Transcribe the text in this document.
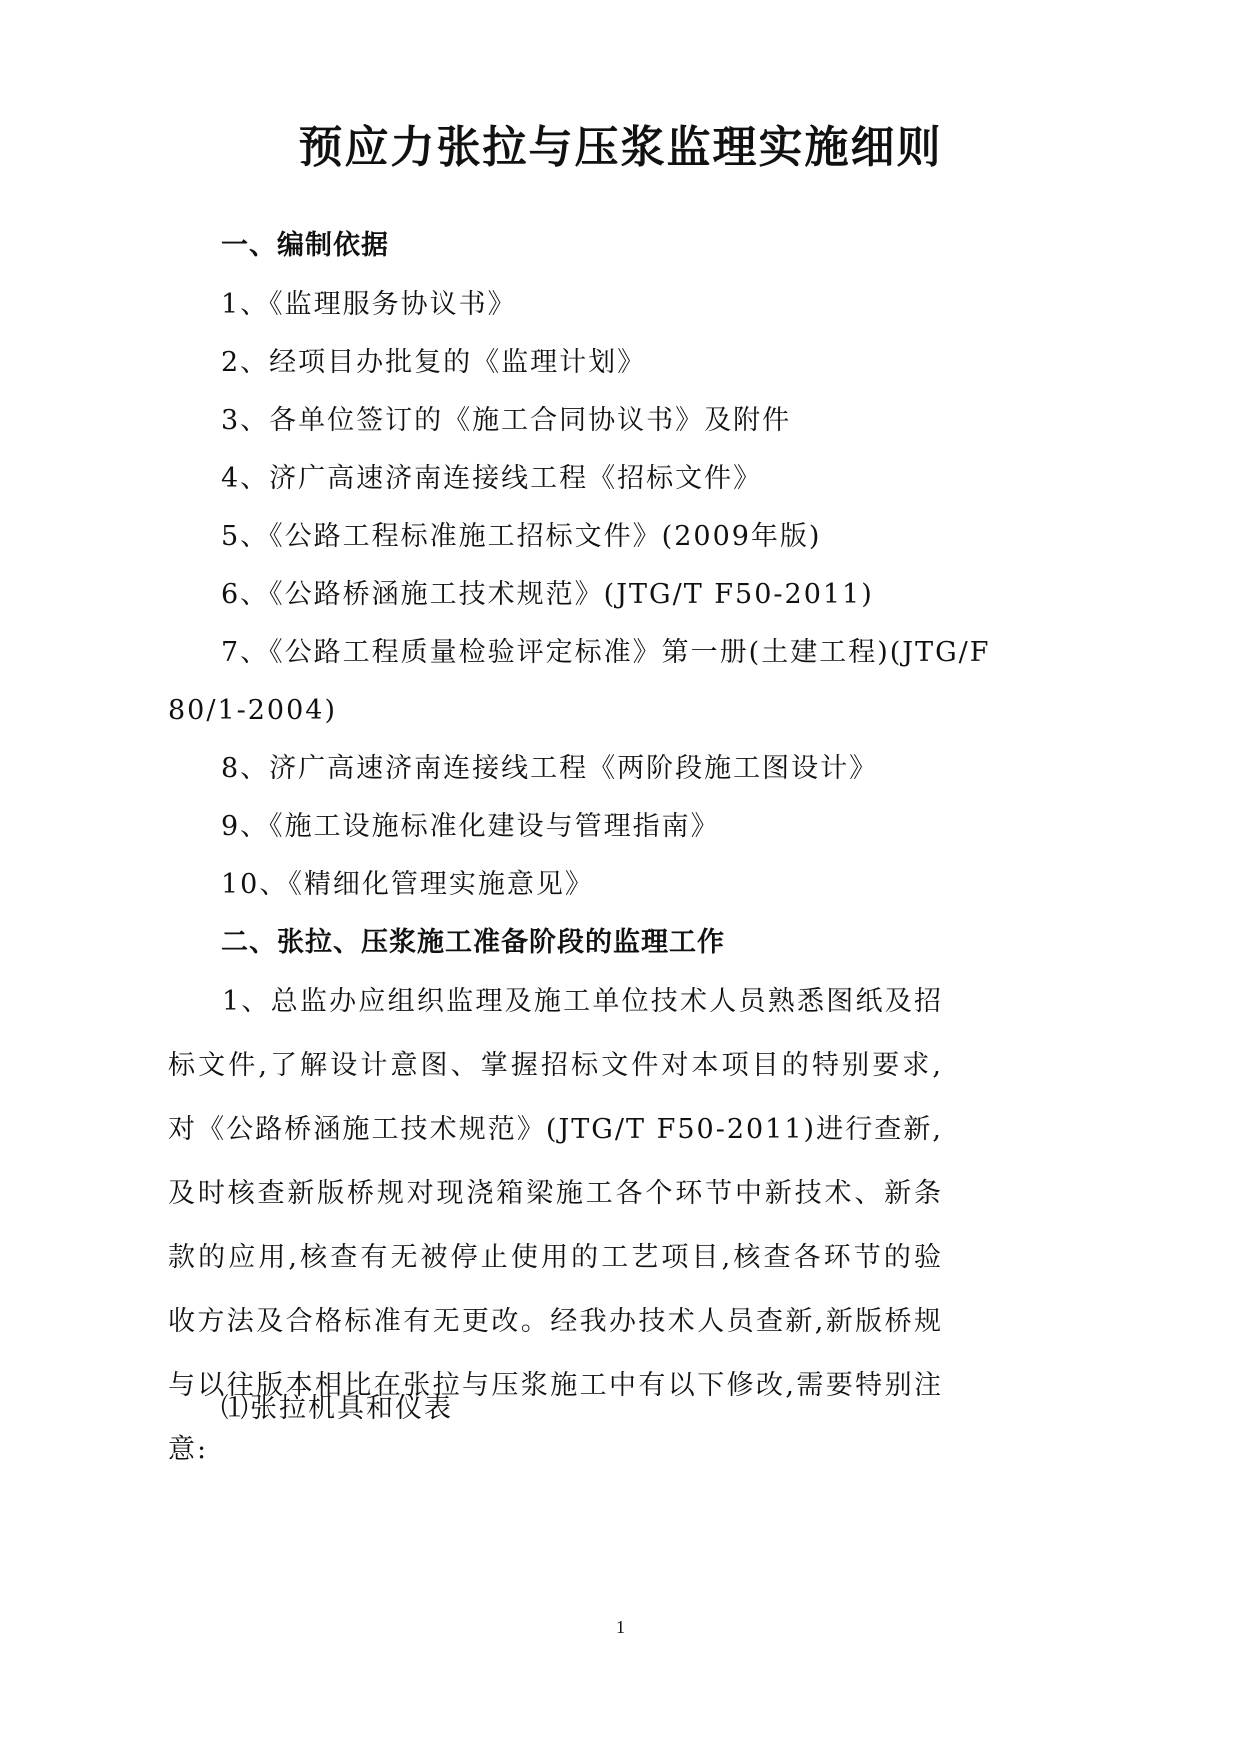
预应力张拉与压浆监理实施细则
一、编制依据
1、《监理服务协议书》
2、经项目办批复的《监理计划》
3、各单位签订的《施工合同协议书》及附件
4、济广高速济南连接线工程《招标文件》
5、《公路工程标准施工招标文件》(2009年版)
6、《公路桥涵施工技术规范》(JTG/T F50-2011)
7、《公路工程质量检验评定标准》第一册(土建工程)(JTG/F
80/1-2004)
8、济广高速济南连接线工程《两阶段施工图设计》
9、《施工设施标准化建设与管理指南》
10、《精细化管理实施意见》
二、张拉、压浆施工准备阶段的监理工作
1、总监办应组织监理及施工单位技术人员熟悉图纸及招标文件,了解设计意图、掌握招标文件对本项目的特别要求,对《公路桥涵施工技术规范》(JTG/T F50-2011)进行查新,及时核查新版桥规对现浇箱梁施工各个环节中新技术、新条款的应用,核查有无被停止使用的工艺项目,核查各环节的验收方法及合格标准有无更改。经我办技术人员查新,新版桥规与以往版本相比在张拉与压浆施工中有以下修改,需要特别注意:
⑴张拉机具和仪表
1
